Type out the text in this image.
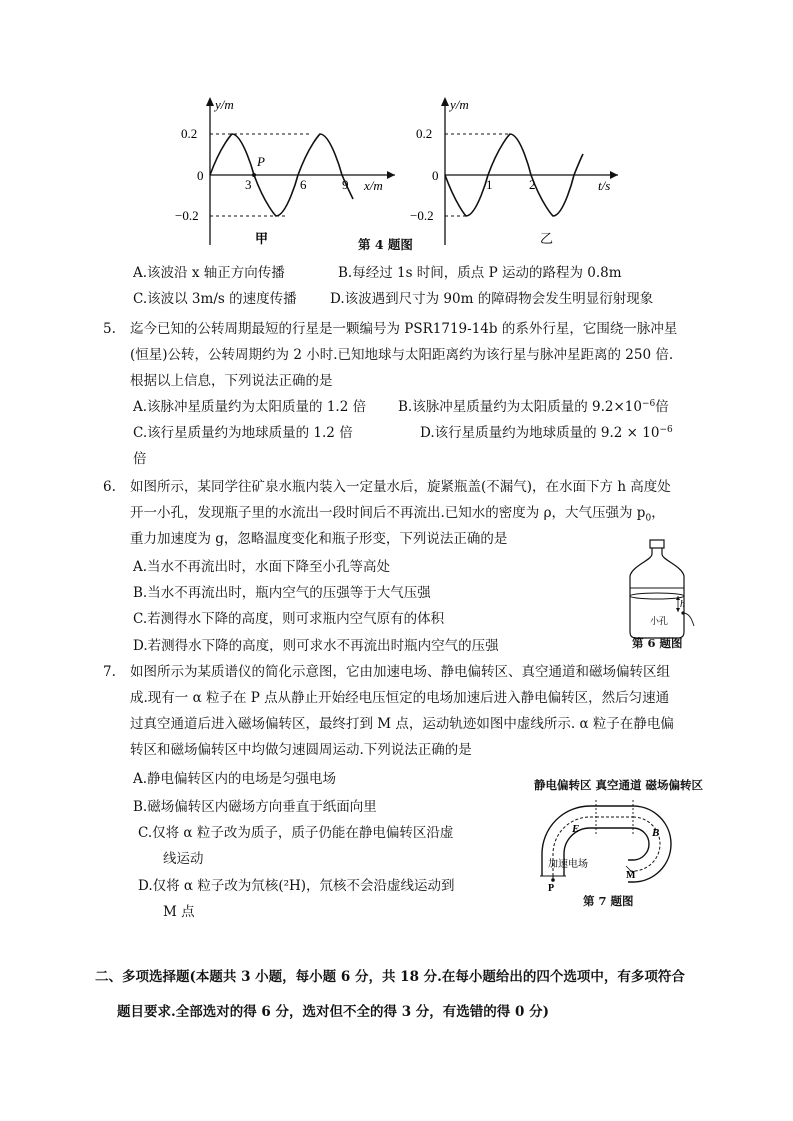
y/m
0.2
0
−0.2
3	6	9 x/m
P
甲	第 4 题图
y/m
0.2
0
−0.2
1	2	t/s
乙
A.该波沿 x 轴正方向传播	B.每经过 1s 时间，质点 P 运动的路程为 0.8m
C.该波以 3m/s 的速度传播 D.该波遇到尺寸为 90m 的障碍物会发生明显衍射现象
5. 迄今已知的公转周期最短的行星是一颗编号为 PSR1719-14b 的系外行星，它围绕一脉冲星
(恒星)公转，公转周期约为 2 小时.已知地球与太阳距离约为该行星与脉冲星距离的 250 倍.
根据以上信息，下列说法正确的是
A.该脉冲星质量约为太阳质量的 1.2 倍 B.该脉冲星质量约为太阳质量的 $9.2\times 10^{-6}$倍
C.该行星质量约为地球质量的 1.2 倍	D.该行星质量约为地球质量的 $9.2 \times 10^{-6}$
倍
6. 如图所示，某同学往矿泉水瓶内装入一定量水后，旋紧瓶盖(不漏气)，在水面下方 h 高度处
开一小孔，发现瓶子里的水流出一段时间后不再流出.已知水的密度为 ρ，大气压强为 $p_0$，
重力加速度为 g，忽略温度变化和瓶子形变，下列说法正确的是
A.当水不再流出时，水面下降至小孔等高处
B.当水不再流出时，瓶内空气的压强等于大气压强
C.若测得水下降的高度，则可求瓶内空气原有的体积
D.若测得水下降的高度，则可求水不再流出时瓶内空气的压强
h
小孔
第 6 题图
7. 如图所示为某质谱仪的简化示意图，它由加速电场、静电偏转区、真空通道和磁场偏转区组
成.现有一 α 粒子在 P 点从静止开始经电压恒定的电场加速后进入静电偏转区，然后匀速通
过真空通道后进入磁场偏转区，最终打到 M 点，运动轨迹如图中虚线所示. α 粒子在静电偏
转区和磁场偏转区中均做匀速圆周运动.下列说法正确的是
A.静电偏转区内的电场是匀强电场
B.磁场偏转区内磁场方向垂直于纸面向里
C.仅将 α 粒子改为质子，质子仍能在静电偏转区沿虚
线运动
D.仅将 α 粒子改为氘核(²H)，氘核不会沿虚线运动到
M 点
静电偏转区 真空通道 磁场偏转区
E	B
加速电场
P
M
第 7 题图
二、多项选择题(本题共 3 小题，每小题 6 分，共 18 分.在每小题给出的四个选项中，有多项符合
题目要求.全部选对的得 6 分，选对但不全的得 3 分，有选错的得 0 分)
